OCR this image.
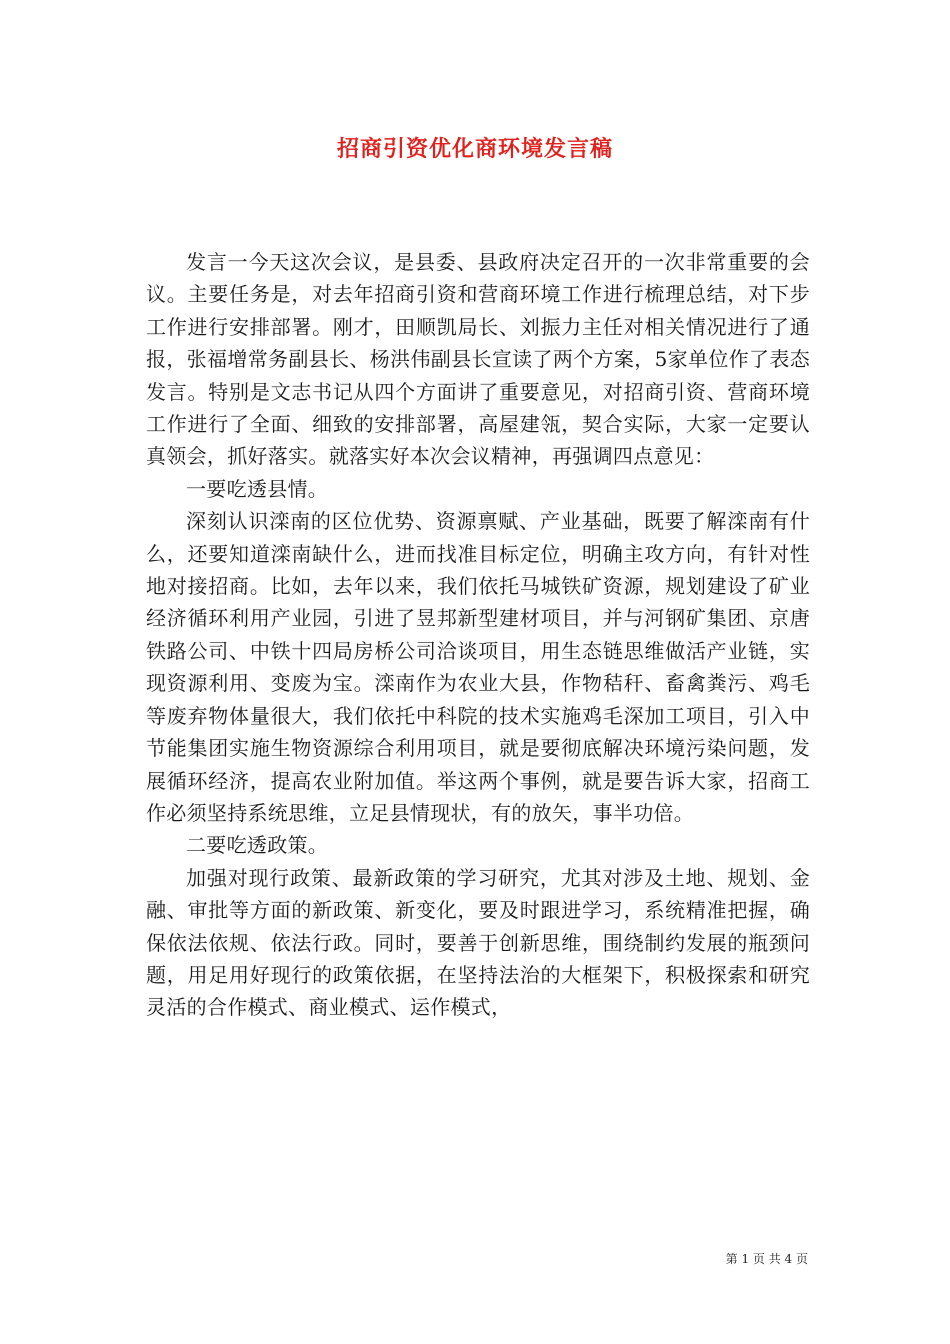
招商引资优化商环境发言稿

发言一今天这次会议，是县委、县政府决定召开的一次非常重要的会议。主要任务是，对去年招商引资和营商环境工作进行梳理总结，对下步工作进行安排部署。刚才，田顺凯局长、刘振力主任对相关情况进行了通报，张福增常务副县长、杨洪伟副县长宣读了两个方案，5家单位作了表态发言。特别是文志书记从四个方面讲了重要意见，对招商引资、营商环境工作进行了全面、细致的安排部署，高屋建瓴，契合实际，大家一定要认真领会，抓好落实。就落实好本次会议精神，再强调四点意见：

一要吃透县情。

深刻认识滦南的区位优势、资源禀赋、产业基础，既要了解滦南有什么，还要知道滦南缺什么，进而找准目标定位，明确主攻方向，有针对性地对接招商。比如，去年以来，我们依托马城铁矿资源，规划建设了矿业经济循环利用产业园，引进了昱邦新型建材项目，并与河钢矿集团、京唐铁路公司、中铁十四局房桥公司洽谈项目，用生态链思维做活产业链，实现资源利用、变废为宝。滦南作为农业大县，作物秸秆、畜禽粪污、鸡毛等废弃物体量很大，我们依托中科院的技术实施鸡毛深加工项目，引入中节能集团实施生物资源综合利用项目，就是要彻底解决环境污染问题，发展循环经济，提高农业附加值。举这两个事例，就是要告诉大家，招商工作必须坚持系统思维，立足县情现状，有的放矢，事半功倍。

二要吃透政策。

加强对现行政策、最新政策的学习研究，尤其对涉及土地、规划、金融、审批等方面的新政策、新变化，要及时跟进学习，系统精准把握，确保依法依规、依法行政。同时，要善于创新思维，围绕制约发展的瓶颈问题，用足用好现行的政策依据，在坚持法治的大框架下，积极探索和研究灵活的合作模式、商业模式、运作模式，

第 1 页 共 4 页
